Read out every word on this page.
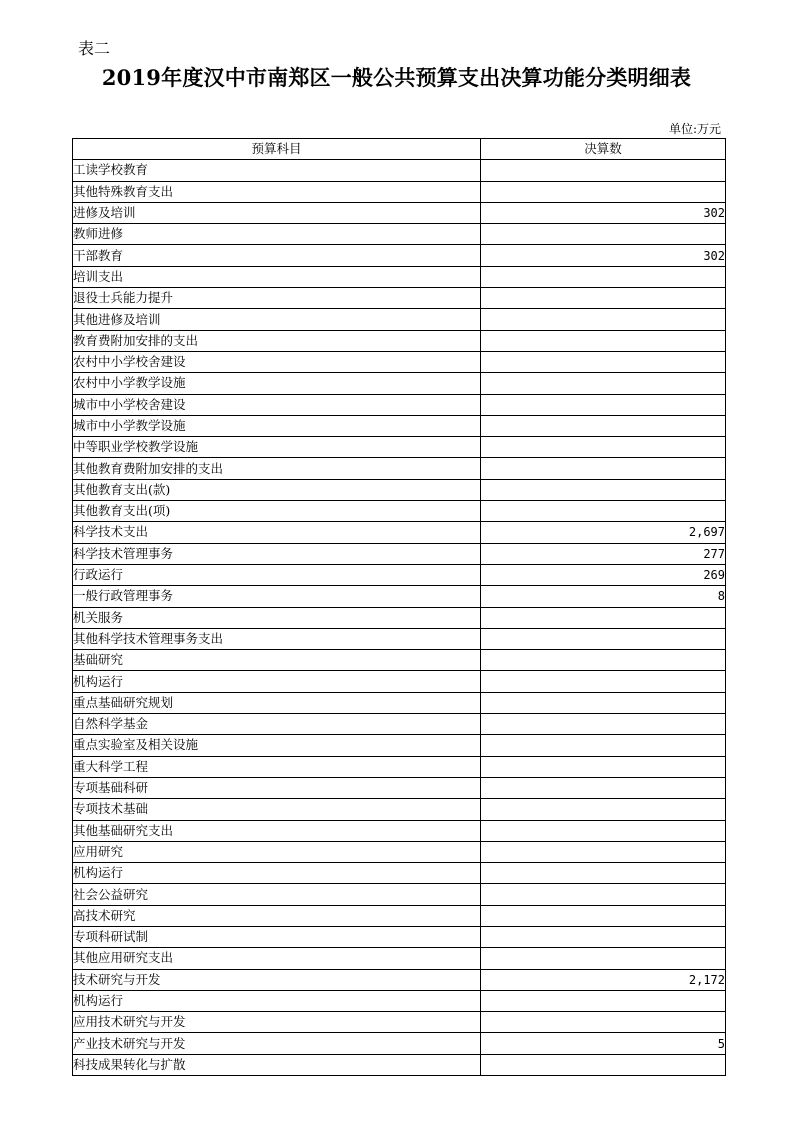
表二
2019年度汉中市南郑区一般公共预算支出决算功能分类明细表
单位:万元
预算科目	决算数
工读学校教育	
其他特殊教育支出	
进修及培训	302
教师进修	
干部教育	302
培训支出	
退役士兵能力提升	
其他进修及培训	
教育费附加安排的支出	
农村中小学校舍建设	
农村中小学教学设施	
城市中小学校舍建设	
城市中小学教学设施	
中等职业学校教学设施	
其他教育费附加安排的支出	
其他教育支出(款)	
其他教育支出(项)	
科学技术支出	2,697
科学技术管理事务	277
行政运行	269
一般行政管理事务	8
机关服务	
其他科学技术管理事务支出	
基础研究	
机构运行	
重点基础研究规划	
自然科学基金	
重点实验室及相关设施	
重大科学工程	
专项基础科研	
专项技术基础	
其他基础研究支出	
应用研究	
机构运行	
社会公益研究	
高技术研究	
专项科研试制	
其他应用研究支出	
技术研究与开发	2,172
机构运行	
应用技术研究与开发	
产业技术研究与开发	5
科技成果转化与扩散	
